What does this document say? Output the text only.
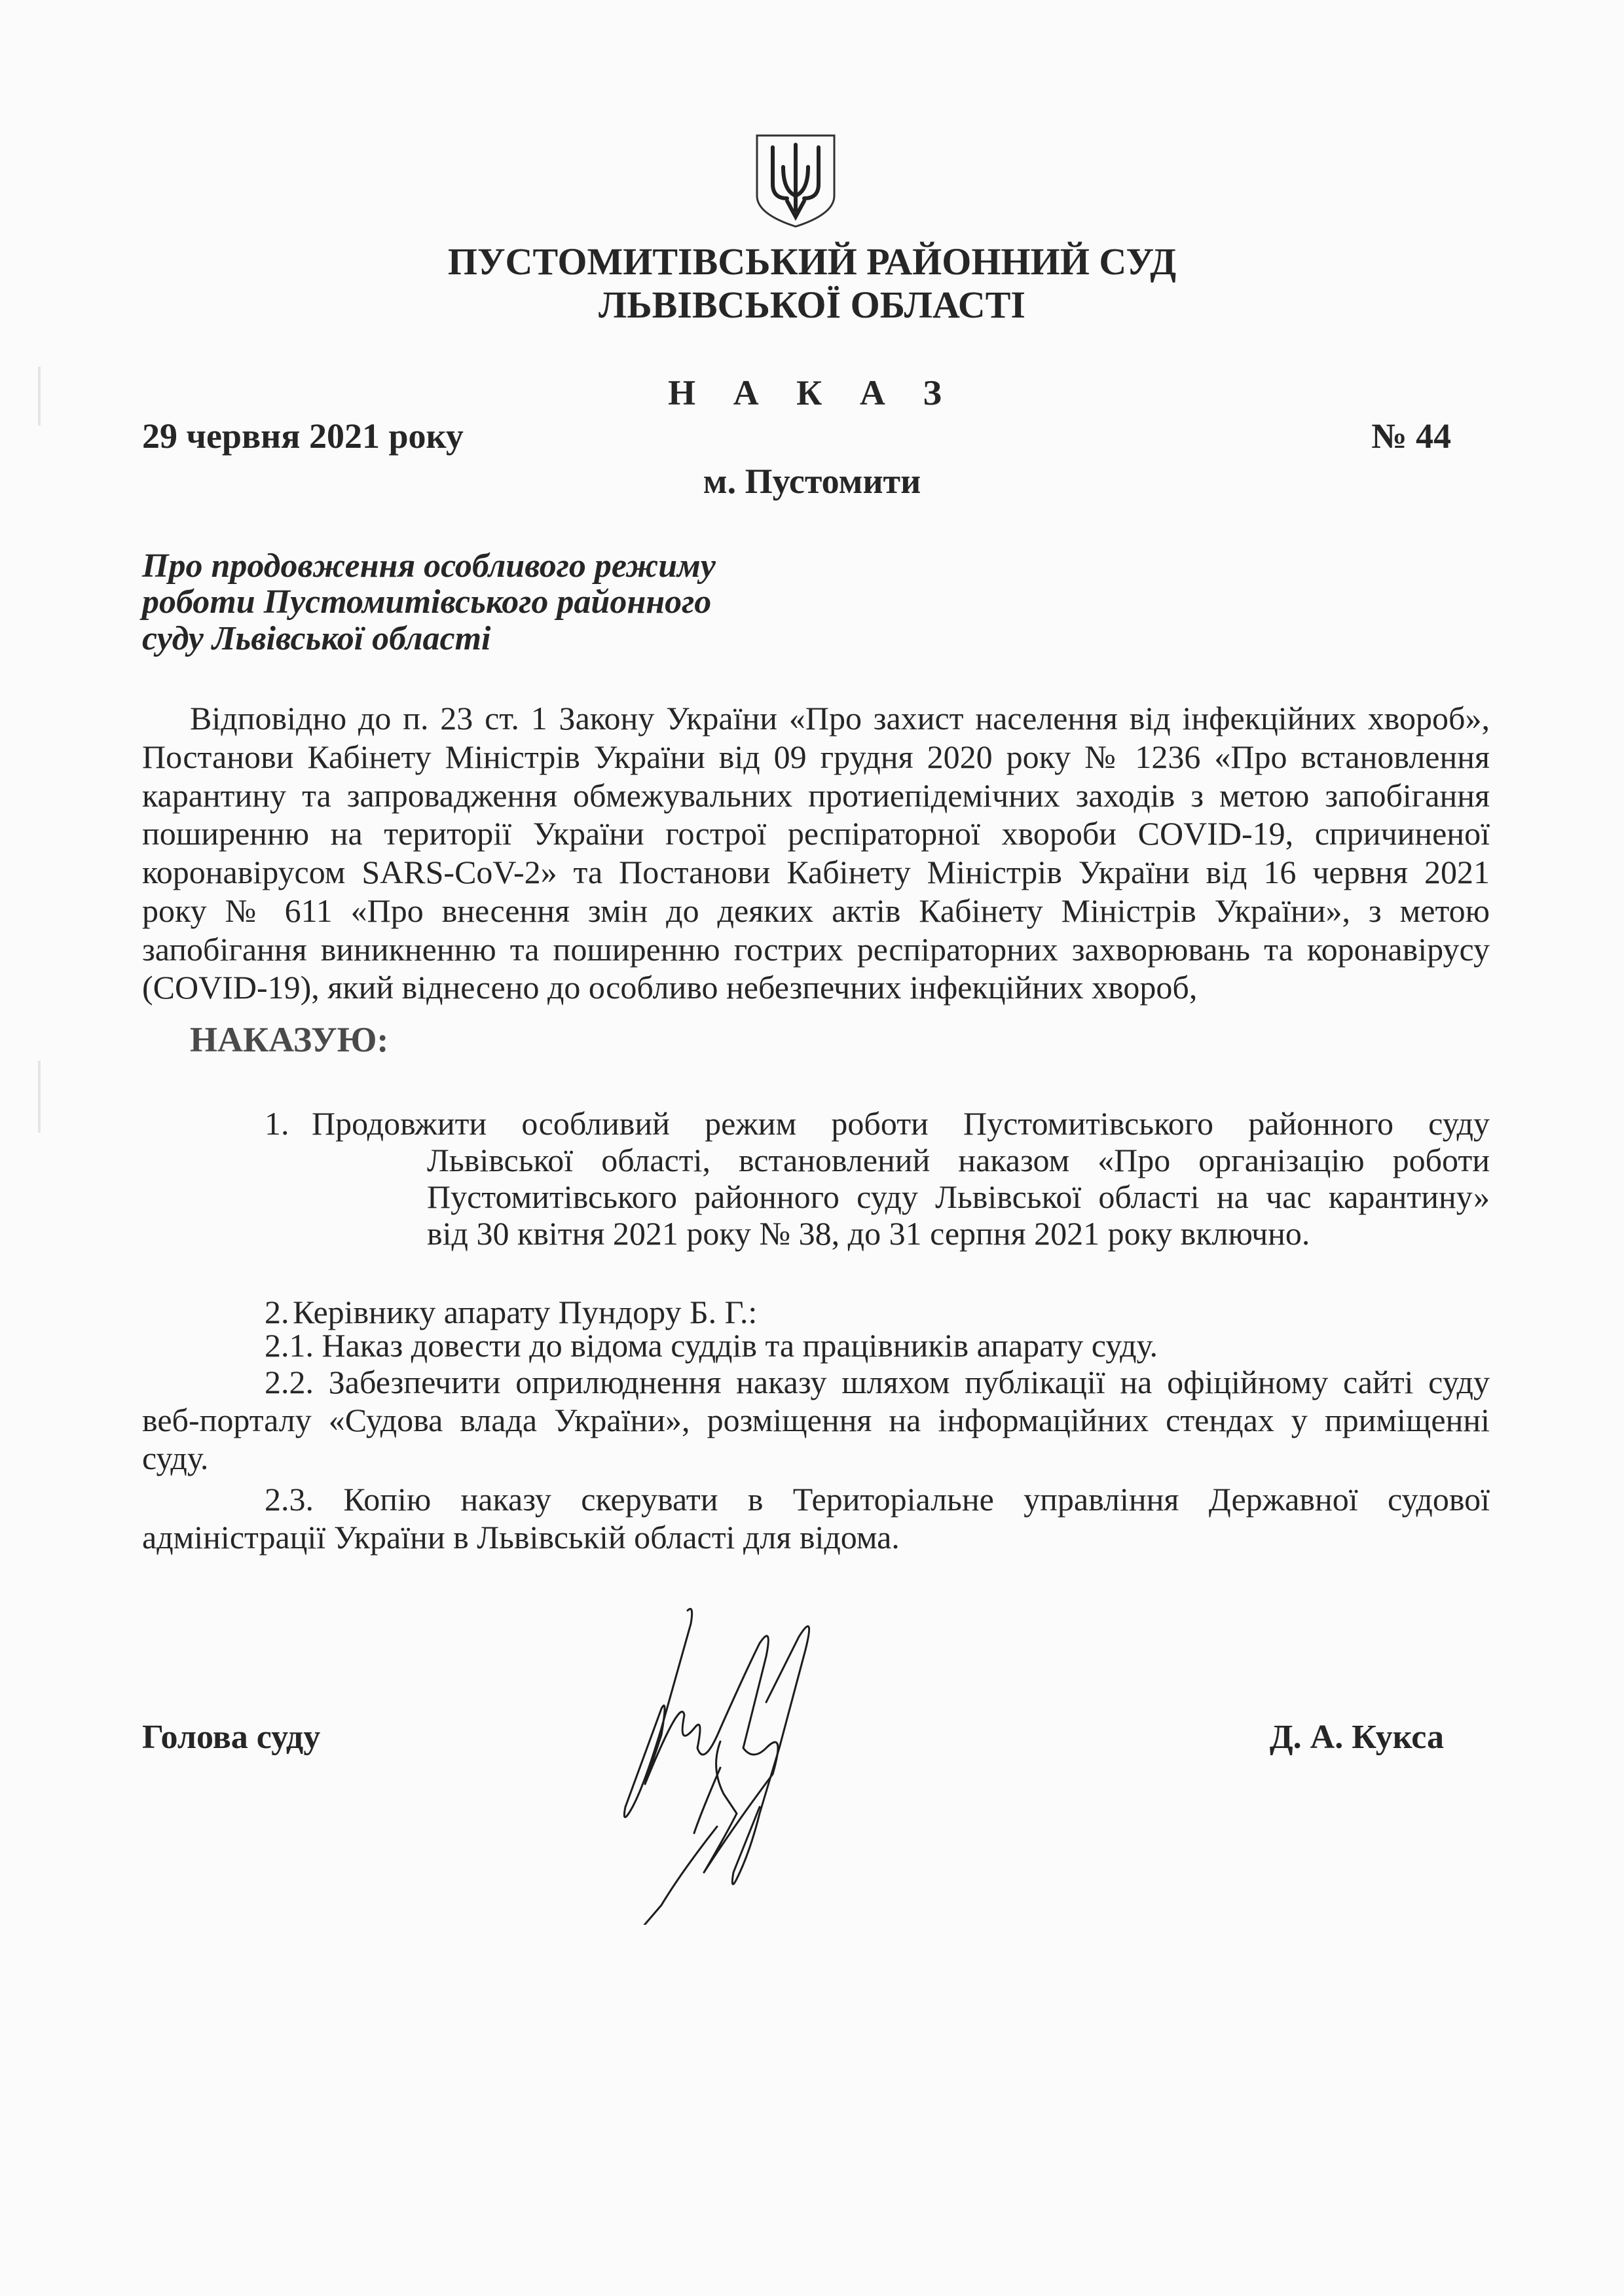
ПУСТОМИТІВСЬКИЙ РАЙОННИЙ СУД
ЛЬВІВСЬКОЇ ОБЛАСТІ
Н А К А З
29 червня 2021 року	№ 44
м. Пустомити
Про продовження особливого режиму
роботи Пустомитівського районного
суду Львівської області
Відповідно до п. 23 ст. 1 Закону України «Про захист населення від інфекційних хвороб»,
Постанови Кабінету Міністрів України від 09 грудня 2020 року № 1236 «Про встановлення
карантину та запровадження обмежувальних протиепідемічних заходів з метою запобігання
поширенню на території України гострої респіраторної хвороби COVID-19, спричиненої
коронавірусом SARS-CoV-2» та Постанови Кабінету Міністрів України від 16 червня 2021
року № 611 «Про внесення змін до деяких актів Кабінету Міністрів України», з метою
запобігання виникненню та поширенню гострих респіраторних захворювань та коронавірусу
(COVID-19), який віднесено до особливо небезпечних інфекційних хвороб,
НАКАЗУЮ:
1. Продовжити особливий режим роботи Пустомитівського районного суду
Львівської області, встановлений наказом «Про організацію роботи
Пустомитівського районного суду Львівської області на час карантину»
від 30 квітня 2021 року № 38, до 31 серпня 2021 року включно.
2. Керівнику апарату Пундору Б. Г.:
2.1. Наказ довести до відома суддів та працівників апарату суду.
2.2. Забезпечити оприлюднення наказу шляхом публікації на офіційному сайті суду
веб-порталу «Судова влада України», розміщення на інформаційних стендах у приміщенні
суду.
2.3. Копію наказу скерувати в Територіальне управління Державної судової
адміністрації України в Львівській області для відома.
Голова суду	Д. А. Кукса
